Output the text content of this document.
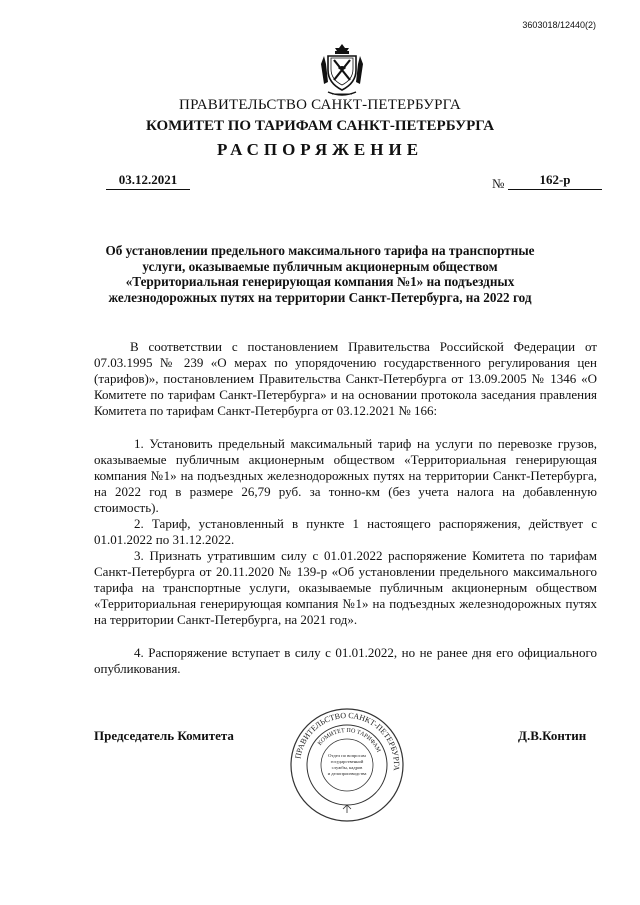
3603018/12440(2)
ПРАВИТЕЛЬСТВО САНКТ-ПЕТЕРБУРГА
КОМИТЕТ ПО ТАРИФАМ САНКТ-ПЕТЕРБУРГА
РАСПОРЯЖЕНИЕ
03.12.2021	№	162-р
Об установлении предельного максимального тарифа на транспортные услуги, оказываемые публичным акционерным обществом «Территориальная генерирующая компания №1» на подъездных железнодорожных путях на территории Санкт-Петербурга, на 2022 год

В соответствии с постановлением Правительства Российской Федерации от 07.03.1995 № 239 «О мерах по упорядочению государственного регулирования цен (тарифов)», постановлением Правительства Санкт-Петербурга от 13.09.2005 № 1346 «О Комитете по тарифам Санкт-Петербурга» и на основании протокола заседания правления Комитета по тарифам Санкт-Петербурга от 03.12.2021 № 166:

1. Установить предельный максимальный тариф на услуги по перевозке грузов, оказываемые публичным акционерным обществом «Территориальная генерирующая компания №1» на подъездных железнодорожных путях на территории Санкт-Петербурга, на 2022 год в размере 26,79 руб. за тонно-км (без учета налога на добавленную стоимость).

2. Тариф, установленный в пункте 1 настоящего распоряжения, действует с 01.01.2022 по 31.12.2022.

3. Признать утратившим силу с 01.01.2022 распоряжение Комитета по тарифам Санкт-Петербурга от 20.11.2020 № 139-р «Об установлении предельного максимального тарифа на транспортные услуги, оказываемые публичным акционерным обществом «Территориальная генерирующая компания №1» на подъездных железнодорожных путях на территории Санкт-Петербурга, на 2021 год».

4. Распоряжение вступает в силу с 01.01.2022, но не ранее дня его официального опубликования.

Председатель Комитета
ПРАВИТЕЛЬСТВО САНКТ-ПЕТЕРБУРГА
КОМИТЕТ ПО ТАРИФАМ
Отдел по вопросам
государственной
службы, кадров
и делопроизводства
Д.В.Контин
